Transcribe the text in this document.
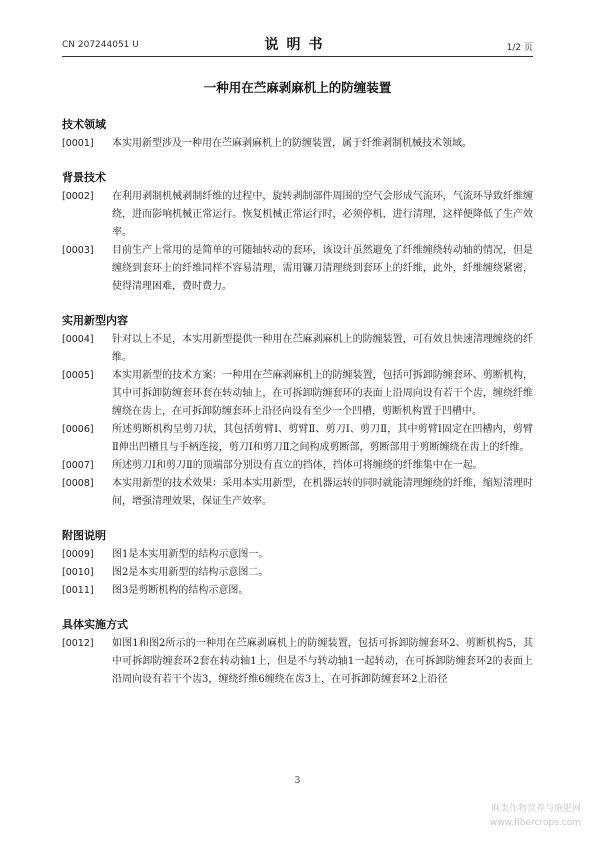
CN 207244051 U	说明书	1/2 页
一种用在苎麻剥麻机上的防缠装置
技术领域
[0001]	本实用新型涉及一种用在苎麻剥麻机上的防缠装置，属于纤维剥制机械技术领域。
背景技术
[0002]	在利用剥制机械剥制纤维的过程中，旋转剥制部件周围的空气会形成气流环，气流环导致纤维缠绕，进而影响机械正常运行。恢复机械正常运行时，必须停机，进行清理，这样便降低了生产效率。
[0003]	目前生产上常用的是简单的可随轴转动的套环，该设计虽然避免了纤维缠绕转动轴的情况，但是缠绕到套环上的纤维同样不容易清理，需用镰刀清理绕到套环上的纤维，此外，纤维缠绕紧密，使得清理困难，费时费力。
实用新型内容
[0004]	针对以上不足，本实用新型提供一种用在苎麻剥麻机上的防缠装置，可有效且快速清理缠绕的纤维。
[0005]	本实用新型的技术方案：一种用在苎麻剥麻机上的防缠装置，包括可拆卸防缠套环、剪断机构，其中可拆卸防缠套环套在转动轴上，在可拆卸防缠套环的表面上沿周向设有若干个齿，缠绕纤维缠绕在齿上，在可拆卸防缠套环上沿径向设有至少一个凹槽，剪断机构置于凹槽中。
[0006]	所述剪断机构呈剪刀状，其包括剪臂Ⅰ、剪臂Ⅱ、剪刀Ⅰ、剪刀Ⅱ，其中剪臂Ⅰ固定在凹槽内，剪臂Ⅱ伸出凹槽且与手柄连接，剪刀Ⅰ和剪刀Ⅱ之间构成剪断部，剪断部用于剪断缠绕在齿上的纤维。
[0007]	所述剪刀Ⅰ和剪刀Ⅱ的顶端部分别设有直立的挡体，挡体可将缠绕的纤维集中在一起。
[0008]	本实用新型的技术效果：采用本实用新型，在机器运转的同时就能清理缠绕的纤维，缩短清理时间，增强清理效果，保证生产效率。
附图说明
[0009]	图1是本实用新型的结构示意图一。
[0010]	图2是本实用新型的结构示意图二。
[0011]	图3是剪断机构的结构示意图。
具体实施方式
[0012]	如图1和图2所示的一种用在苎麻剥麻机上的防缠装置，包括可拆卸防缠套环2、剪断机构5，其中可拆卸防缠套环2套在转动轴1上，但是不与转动轴1一起转动，在可拆卸防缠套环2的表面上沿周向设有若干个齿3，缠绕纤维6缠绕在齿3上，在可拆卸防缠套环2上沿径
3
麻类作物营养与施肥网
www.fibercrops.com
